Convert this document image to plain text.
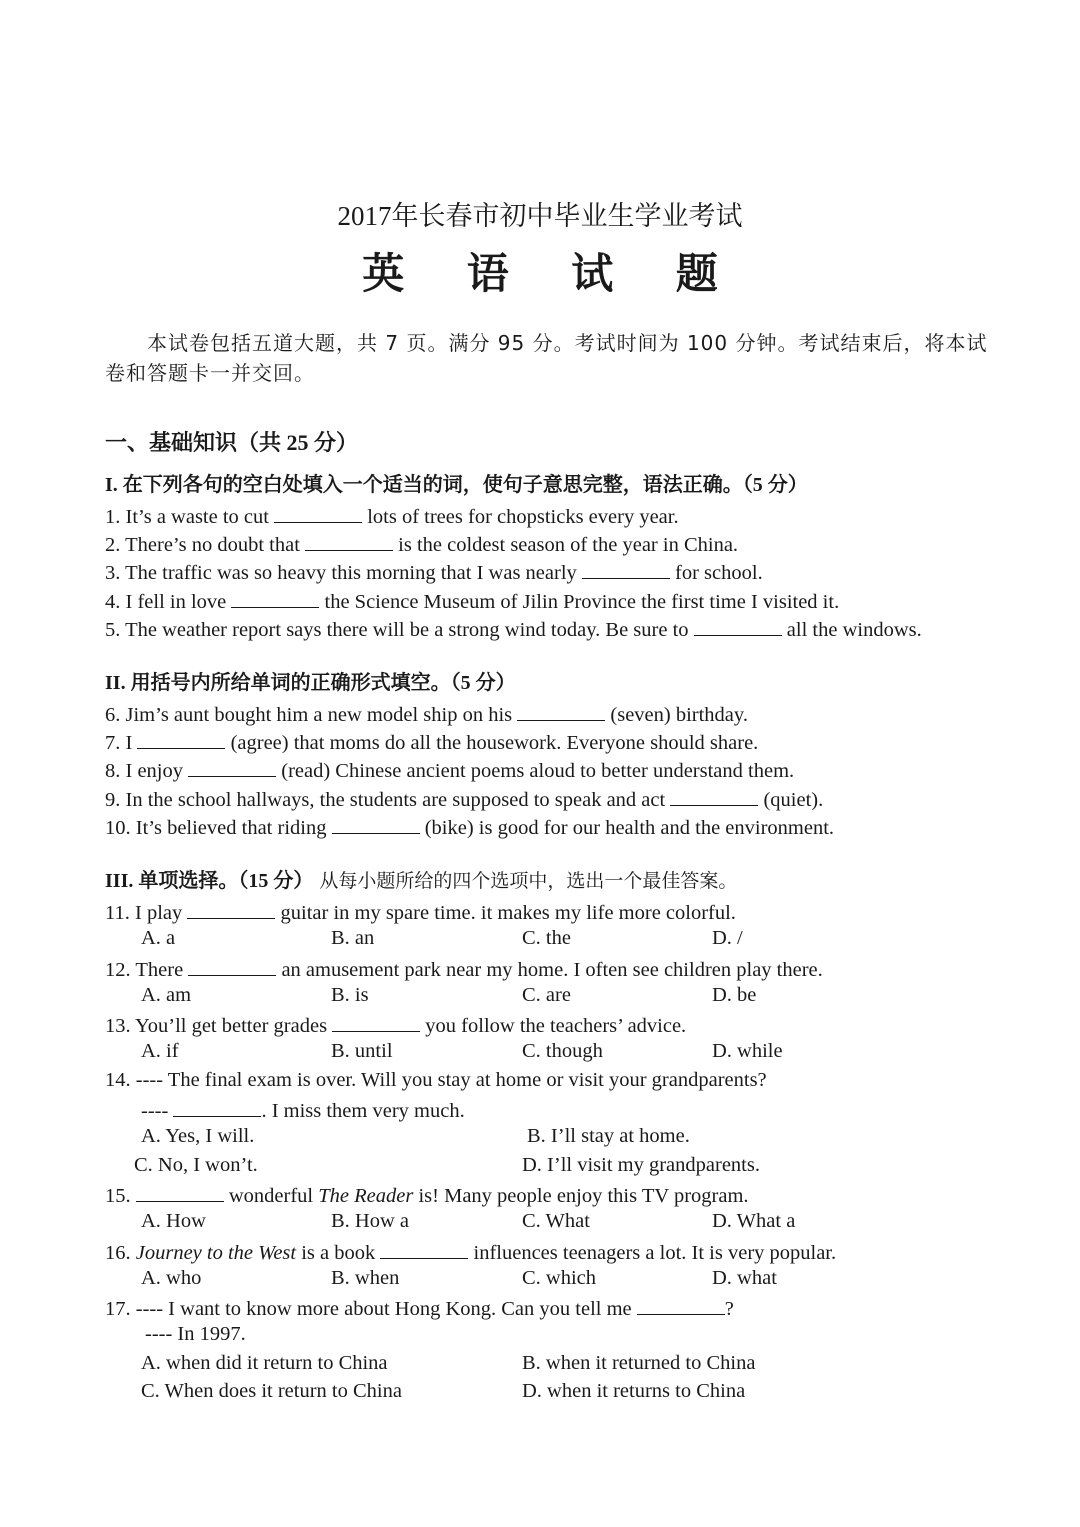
2017年长春市初中毕业生学业考试
英 语 试 题
本试卷包括五道大题，共 7 页。满分 95 分。考试时间为 100 分钟。考试结束后，将本试
卷和答题卡一并交回。
一、基础知识（共 25 分）
I. 在下列各句的空白处填入一个适当的词，使句子意思完整，语法正确。（5 分）
1. It’s a waste to cut	lots of trees for chopsticks every year.
2. There’s no doubt that	is the coldest season of the year in China.
3. The traffic was so heavy this morning that I was nearly	for school.
4. I fell in love	the Science Museum of Jilin Province the first time I visited it.
5. The weather report says there will be a strong wind today. Be sure to	all the windows.
II. 用括号内所给单词的正确形式填空。（5 分）
6. Jim’s aunt bought him a new model ship on his	(seven) birthday.
7. I	(agree) that moms do all the housework. Everyone should share.
8. I enjoy	(read) Chinese ancient poems aloud to better understand them.
9. In the school hallways, the students are supposed to speak and act	(quiet).
10. It’s believed that riding	(bike) is good for our health and the environment.
III. 单项选择。（15 分） 从每小题所给的四个选项中，选出一个最佳答案。
11. I play	guitar in my spare time. it makes my life more colorful.
A. a	B. an	C. the	D. /
12. There	an amusement park near my home. I often see children play there.
A. am	B. is	C. are	D. be
13. You’ll get better grades	you follow the teachers’ advice.
A. if	B. until	C. though	D. while
14. ---- The final exam is over. Will you stay at home or visit your grandparents?
----	. I miss them very much.
A. Yes, I will.	B. I’ll stay at home.
C. No, I won’t.	D. I’ll visit my grandparents.
15.	wonderful The Reader is! Many people enjoy this TV program.
A. How	B. How a	C. What	D. What a
16. Journey to the West is a book	influences teenagers a lot. It is very popular.
A. who	B. when	C. which	D. what
17. ---- I want to know more about Hong Kong. Can you tell me	?
---- In 1997.
A. when did it return to China	B. when it returned to China
C. When does it return to China	D. when it returns to China
